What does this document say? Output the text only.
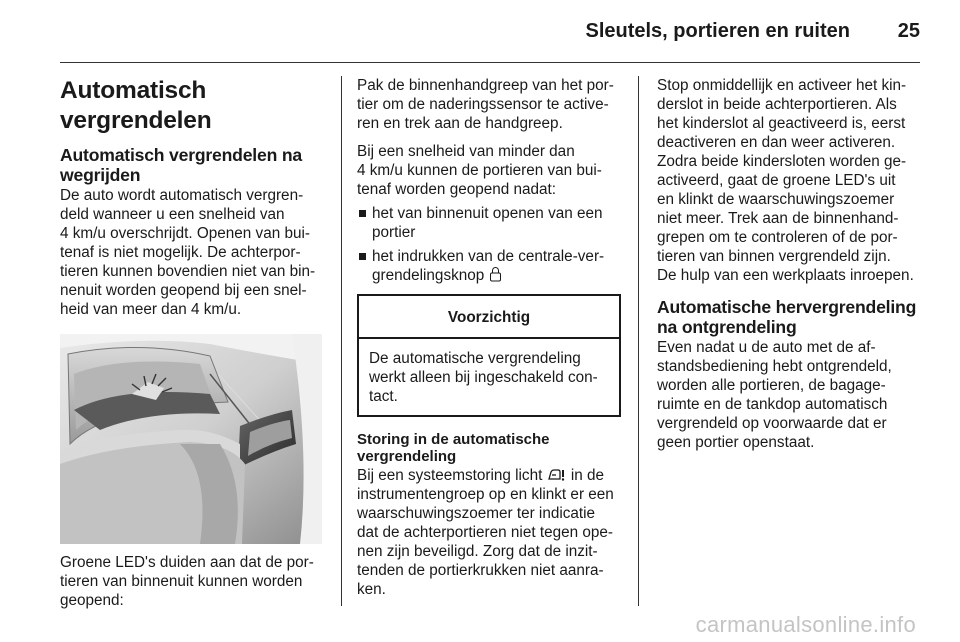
Sleutels, portieren en ruiten 25
Automatisch vergrendelen
Automatisch vergrendelen na
wegrijden
De auto wordt automatisch vergren-
deld wanneer u een snelheid van
4 km/u overschrijdt. Openen van bui-
tenaf is niet mogelijk. De achterpor-
tieren kunnen bovendien niet van bin-
nenuit worden geopend bij een snel-
heid van meer dan 4 km/u.
Groene LED's duiden aan dat de por-
tieren van binnenuit kunnen worden
geopend:
Pak de binnenhandgreep van het por-
tier om de naderingssensor te active-
ren en trek aan de handgreep.
Bij een snelheid van minder dan
4 km/u kunnen de portieren van bui-
tenaf worden geopend nadat:
het van binnenuit openen van een
portier
het indrukken van de centrale-ver-
grendelingsknop
Voorzichtig
De automatische vergrendeling
werkt alleen bij ingeschakeld con-
tact.
Storing in de automatische
vergrendeling
Bij een systeemstoring licht in de
instrumentengroep op en klinkt er een
waarschuwingszoemer ter indicatie
dat de achterportieren niet tegen ope-
nen zijn beveiligd. Zorg dat de inzit-
tenden de portierkrukken niet aanra-
ken.
Stop onmiddellijk en activeer het kin-
derslot in beide achterportieren. Als
het kinderslot al geactiveerd is, eerst
deactiveren en dan weer activeren.
Zodra beide kindersloten worden ge-
activeerd, gaat de groene LED's uit
en klinkt de waarschuwingszoemer
niet meer. Trek aan de binnenhand-
grepen om te controleren of de por-
tieren van binnen vergrendeld zijn.
De hulp van een werkplaats inroepen.
Automatische hervergrendeling
na ontgrendeling
Even nadat u de auto met de af-
standsbediening hebt ontgrendeld,
worden alle portieren, de bagage-
ruimte en de tankdop automatisch
vergrendeld op voorwaarde dat er
geen portier openstaat.
carmanualsonline.info
